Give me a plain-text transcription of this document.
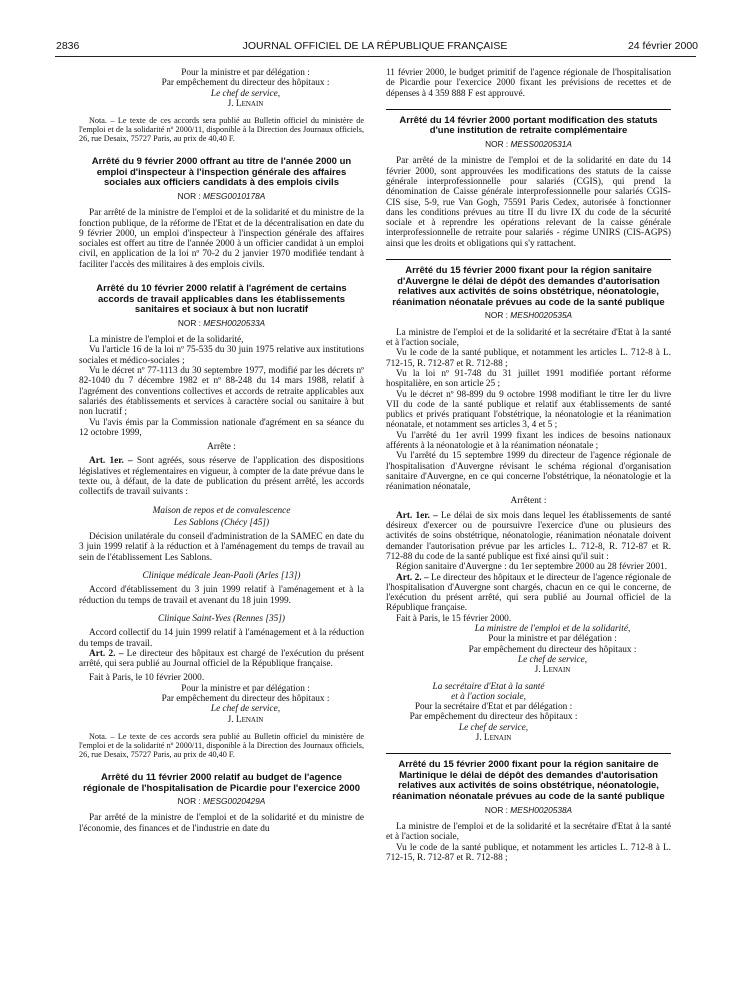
2836	JOURNAL OFFICIEL DE LA RÉPUBLIQUE FRANÇAISE	24 février 2000

Pour la ministre et par délégation :

Par empêchement du directeur des hôpitaux :

Le chef de service,

J. Lenain

Nota. – Le texte de ces accords sera publié au Bulletin officiel du ministère de l'emploi et de la solidarité nº 2000/11, disponible à la Direction des Journaux officiels, 26, rue Desaix, 75727 Paris, au prix de 40,40 F.

Arrêté du 9 février 2000 offrant au titre de l'année 2000 un emploi d'inspecteur à l'inspection générale des affaires sociales aux officiers candidats à des emplois civils

NOR : MESG0010178A

Par arrêté de la ministre de l'emploi et de la solidarité et du ministre de la fonction publique, de la réforme de l'Etat et de la décentralisation en date du 9 février 2000, un emploi d'inspecteur à l'inspection générale des affaires sociales est offert au titre de l'année 2000 à un officier candidat à un emploi civil, en application de la loi nº 70-2 du 2 janvier 1970 modifiée tendant à faciliter l'accès des militaires à des emplois civils.

Arrêté du 10 février 2000 relatif à l'agrément de certains accords de travail applicables dans les établissements sanitaires et sociaux à but non lucratif

NOR : MESH0020533A

La ministre de l'emploi et de la solidarité,

Vu l'article 16 de la loi nº 75-535 du 30 juin 1975 relative aux institutions sociales et médico-sociales ;

Vu le décret nº 77-1113 du 30 septembre 1977, modifié par les décrets nº 82-1040 du 7 décembre 1982 et nº 88-248 du 14 mars 1988, relatif à l'agrément des conventions collectives et accords de retraite applicables aux salariés des établissements et services à caractère social ou sanitaire à but non lucratif ;

Vu l'avis émis par la Commission nationale d'agrément en sa séance du 12 octobre 1999,

Arrête :

Art. 1er. – Sont agréés, sous réserve de l'application des dispositions législatives et réglementaires en vigueur, à compter de la date prévue dans le texte ou, à défaut, de la date de publication du présent arrêté, les accords collectifs de travail suivants :

Maison de repos et de convalescence

Les Sablons (Chécy [45])

Décision unilatérale du conseil d'administration de la SAMEC en date du 3 juin 1999 relatif à la réduction et à l'aménagement du temps de travail au sein de l'établissement Les Sablons.

Clinique médicale Jean-Paoli (Arles [13])

Accord d'établissement du 3 juin 1999 relatif à l'aménagement et à la réduction du temps de travail et avenant du 18 juin 1999.

Clinique Saint-Yves (Rennes [35])

Accord collectif du 14 juin 1999 relatif à l'aménagement et à la réduction du temps de travail.

Art. 2. – Le directeur des hôpitaux est chargé de l'exécution du présent arrêté, qui sera publié au Journal officiel de la République française.

Fait à Paris, le 10 février 2000.

Pour la ministre et par délégation :

Par empêchement du directeur des hôpitaux :

Le chef de service,

J. Lenain

Nota. – Le texte de ces accords sera publié au Bulletin officiel du ministère de l'emploi et de la solidarité nº 2000/11, disponible à la Direction des Journaux officiels, 26, rue Desaix, 75727 Paris, au prix de 40,40 F.

Arrêté du 11 février 2000 relatif au budget de l'agence régionale de l'hospitalisation de Picardie pour l'exercice 2000

NOR : MESG0020429A

Par arrêté de la ministre de l'emploi et de la solidarité et du ministre de l'économie, des finances et de l'industrie en date du

11 février 2000, le budget primitif de l'agence régionale de l'hospitalisation de Picardie pour l'exercice 2000 fixant les prévisions de recettes et de dépenses à 4 359 888 F est approuvé.

Arrêté du 14 février 2000 portant modification des statuts d'une institution de retraite complémentaire

NOR : MESS0020531A

Par arrêté de la ministre de l'emploi et de la solidarité en date du 14 février 2000, sont approuvées les modifications des statuts de la caisse générale interprofessionnelle pour salariés (CGIS), qui prend la dénomination de Caisse générale interprofessionnelle pour salariés CGIS-CIS sise, 5-9, rue Van Gogh, 75591 Paris Cedex, autorisée à fonctionner dans les conditions prévues au titre II du livre IX du code de la sécurité sociale et à reprendre les opérations relevant de la caisse générale interprofessionnelle de retraite pour salariés - régime UNIRS (CIS-AGPS) ainsi que les droits et obligations qui s'y rattachent.

Arrêté du 15 février 2000 fixant pour la région sanitaire d'Auvergne le délai de dépôt des demandes d'autorisation relatives aux activités de soins obstétrique, néonatologie, réanimation néonatale prévues au code de la santé publique

NOR : MESH0020535A

La ministre de l'emploi et de la solidarité et la secrétaire d'Etat à la santé et à l'action sociale,

Vu le code de la santé publique, et notamment les articles L. 712-8 à L. 712-15, R. 712-87 et R. 712-88 ;

Vu la loi nº 91-748 du 31 juillet 1991 modifiée portant réforme hospitalière, en son article 25 ;

Vu le décret nº 98-899 du 9 octobre 1998 modifiant le titre Ier du livre VII du code de la santé publique et relatif aux établissements de santé publics et privés pratiquant l'obstétrique, la néonatologie et la réanimation néonatale, et notamment ses articles 3, 4 et 5 ;

Vu l'arrêté du 1er avril 1999 fixant les indices de besoins nationaux afférents à la néonatologie et à la réanimation néonatale ;

Vu l'arrêté du 15 septembre 1999 du directeur de l'agence régionale de l'hospitalisation d'Auvergne révisant le schéma régional d'organisation sanitaire d'Auvergne, en ce qui concerne l'obstétrique, la néonatologie et la réanimation néonatale,

Arrêtent :

Art. 1er. – Le délai de six mois dans lequel les établissements de santé désireux d'exercer ou de poursuivre l'exercice d'une ou plusieurs des activités de soins obstétrique, néonatologie, réanimation néonatale doivent demander l'autorisation prévue par les articles L. 712-8, R. 712-87 et R. 712-88 du code de la santé publique est fixé ainsi qu'il suit :

Région sanitaire d'Auvergne : du 1er septembre 2000 au 28 février 2001.

Art. 2. – Le directeur des hôpitaux et le directeur de l'agence régionale de l'hospitalisation d'Auvergne sont chargés, chacun en ce qui le concerne, de l'exécution du présent arrêté, qui sera publié au Journal officiel de la République française.

Fait à Paris, le 15 février 2000.

La ministre de l'emploi et de la solidarité,

Pour la ministre et par délégation :

Par empêchement du directeur des hôpitaux :

Le chef de service,

J. Lenain

La secrétaire d'Etat à la santé

et à l'action sociale,

Pour la secrétaire d'Etat et par délégation :

Par empêchement du directeur des hôpitaux :

Le chef de service,

J. Lenain

Arrêté du 15 février 2000 fixant pour la région sanitaire de Martinique le délai de dépôt des demandes d'autorisation relatives aux activités de soins obstétrique, néonatologie, réanimation néonatale prévues au code de la santé publique

NOR : MESH0020538A

La ministre de l'emploi et de la solidarité et la secrétaire d'Etat à la santé et à l'action sociale,

Vu le code de la santé publique, et notamment les articles L. 712-8 à L. 712-15, R. 712-87 et R. 712-88 ;
